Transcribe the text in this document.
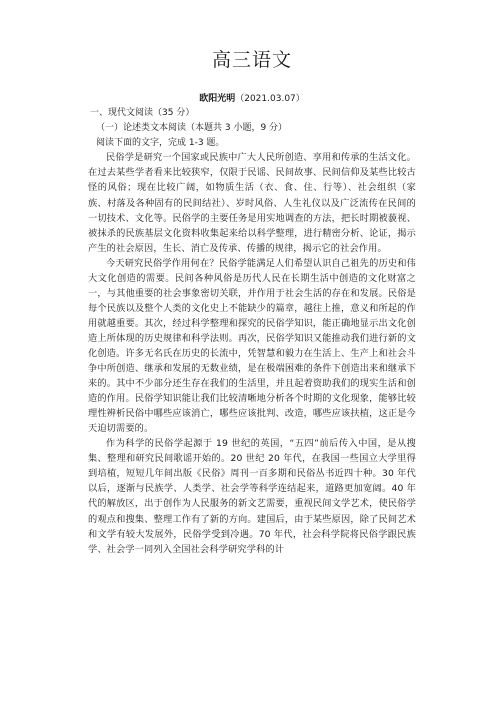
高三语文

欧阳光明（2021.03.07）

一、现代文阅读（35 分）

（一）论述类文本阅读（本题共 3 小题，9 分）

阅读下面的文字，完成 1-3 题。

民俗学是研究一个国家或民族中广大人民所创造、享用和传承的生活文化。在过去某些学者看来比较狭窄，仅限于民谣、民间故事、民间信仰及某些比较古怪的风俗；现在比较广阔，如物质生活（衣、食、住、行等）、社会组织（家族、村落及各种固有的民间结社）、岁时风俗、人生礼仪以及广泛流传在民间的一切技术、文化等。民俗学的主要任务是用实地调查的方法，把长时期被藐视、被抹杀的民族基层文化资料收集起来给以科学整理，进行精密分析、论证，揭示产生的社会原因，生长、消亡及传承、传播的规律，揭示它的社会作用。

今天研究民俗学作用何在？民俗学能满足人们希望认识自己祖先的历史和伟大文化创造的需要。民间各种风俗是历代人民在长期生活中创造的文化财富之一，与其他重要的社会事象密切关联，并作用于社会生活的存在和发展。民俗是每个民族以及整个人类的文化史上不能缺少的篇章，越往上推，意义和所起的作用就越重要。其次，经过科学整理和探究的民俗学知识，能正确地显示出文化创造上所体现的历史规律和科学法则。再次，民俗学知识又能推动我们进行新的文化创造。许多无名氏在历史的长流中，凭智慧和毅力在生活上、生产上和社会斗争中所创造、继承和发展的无数业绩，是在极端困难的条件下创造出来和继承下来的。其中不少部分还生存在我们的生活里，并且起着资助我们的现实生活和创造的作用。民俗学知识能让我们比较清晰地分析各个时期的文化现象，能够比较理性辨析民俗中哪些应该消亡，哪些应该批判、改造，哪些应该扶植，这正是今天迫切需要的。

作为科学的民俗学起源于 19 世纪的英国，“五四”前后传入中国，是从搜集、整理和研究民间歌谣开始的。20 世纪 20 年代，在我国一些国立大学里得到培植，短短几年间出版《民俗》周刊一百多期和民俗丛书近四十种。30 年代以后，逐渐与民族学、人类学、社会学等科学连结起来，道路更加宽阔。40 年代的解放区，出于创作为人民服务的新文艺需要，重视民间文学艺术，使民俗学的观点和搜集、整理工作有了新的方向。建国后，由于某些原因，除了民间艺术和文学有较大发展外，民俗学受到冷遇。70 年代，社会科学院将民俗学跟民族学、社会学一同列入全国社会科学研究学科的计
